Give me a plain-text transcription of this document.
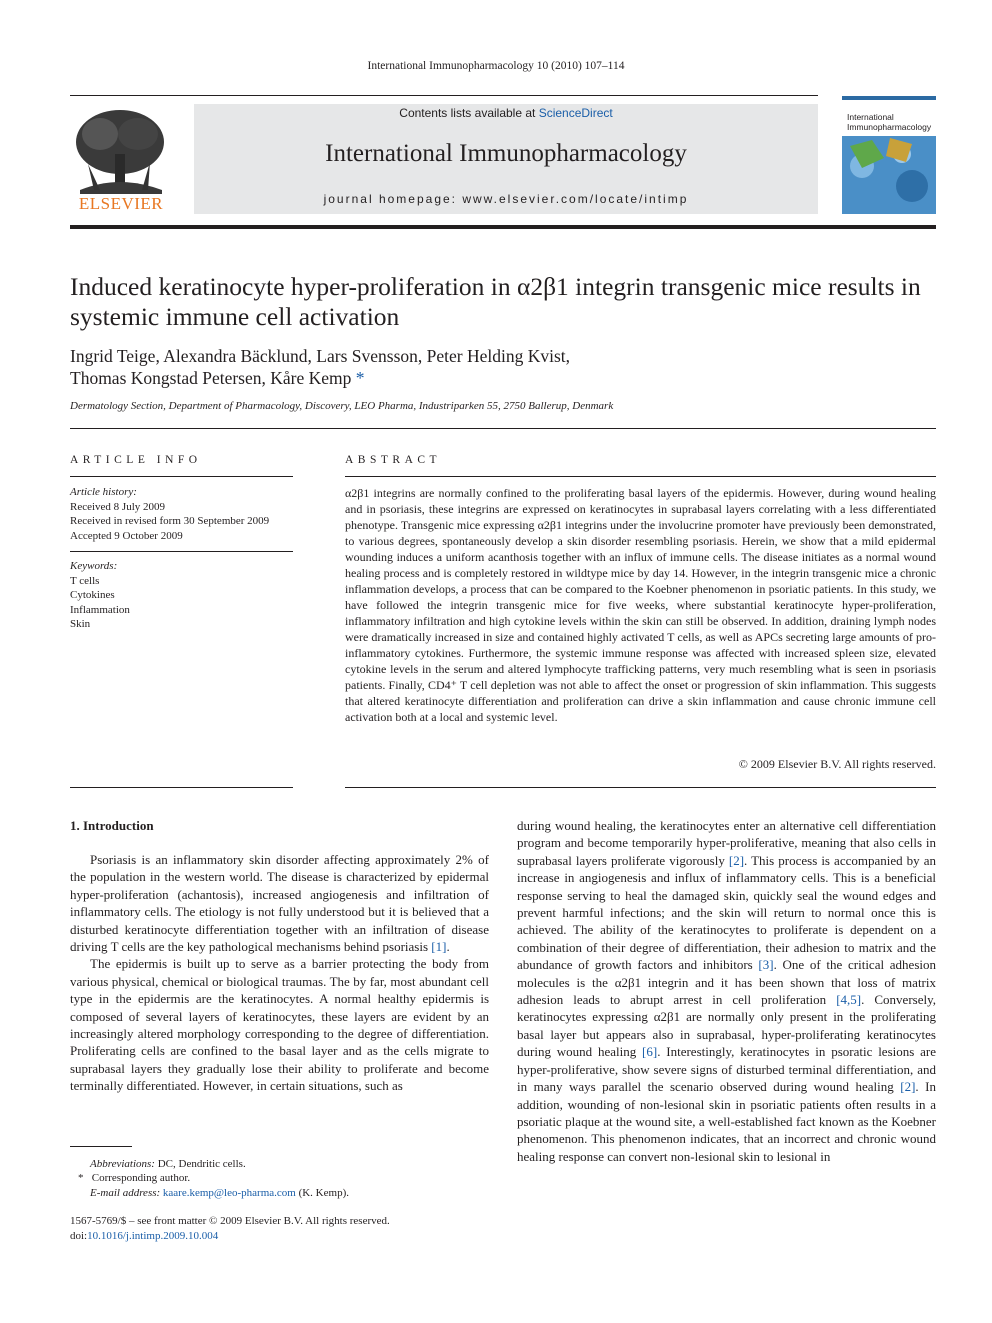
International Immunopharmacology 10 (2010) 107–114
ELSEVIER
Contents lists available at ScienceDirect
International Immunopharmacology
journal homepage: www.elsevier.com/locate/intimp
International
Immunopharmacology
Induced keratinocyte hyper-proliferation in α2β1 integrin transgenic mice results in systemic immune cell activation
Ingrid Teige, Alexandra Bäcklund, Lars Svensson, Peter Helding Kvist,
Thomas Kongstad Petersen, Kåre Kemp *
Dermatology Section, Department of Pharmacology, Discovery, LEO Pharma, Industriparken 55, 2750 Ballerup, Denmark
ARTICLE INFO
Article history:
Received 8 July 2009
Received in revised form 30 September 2009
Accepted 9 October 2009
Keywords:
T cells
Cytokines
Inflammation
Skin
ABSTRACT
α2β1 integrins are normally confined to the proliferating basal layers of the epidermis. However, during wound healing and in psoriasis, these integrins are expressed on keratinocytes in suprabasal layers correlating with a less differentiated phenotype. Transgenic mice expressing α2β1 integrins under the involucrine promoter have previously been demonstrated, to various degrees, spontaneously develop a skin disorder resembling psoriasis. Herein, we show that a mild epidermal wounding induces a uniform acanthosis together with an influx of immune cells. The disease initiates as a normal wound healing process and is completely restored in wildtype mice by day 14. However, in the integrin transgenic mice a chronic inflammation develops, a process that can be compared to the Koebner phenomenon in psoriatic patients. In this study, we have followed the integrin transgenic mice for five weeks, where substantial keratinocyte hyper-proliferation, inflammatory infiltration and high cytokine levels within the skin can still be observed. In addition, draining lymph nodes were dramatically increased in size and contained highly activated T cells, as well as APCs secreting large amounts of pro-inflammatory cytokines. Furthermore, the systemic immune response was affected with increased spleen size, elevated cytokine levels in the serum and altered lymphocyte trafficking patterns, very much resembling what is seen in psoriasis patients. Finally, CD4⁺ T cell depletion was not able to affect the onset or progression of skin inflammation. This suggests that altered keratinocyte differentiation and proliferation can drive a skin inflammation and cause chronic immune cell activation both at a local and systemic level.
© 2009 Elsevier B.V. All rights reserved.
1. Introduction

Psoriasis is an inflammatory skin disorder affecting approximately 2% of the population in the western world. The disease is characterized by epidermal hyper-proliferation (achantosis), increased angiogenesis and infiltration of inflammatory cells. The etiology is not fully understood but it is believed that a disturbed keratinocyte differentiation together with an infiltration of disease driving T cells are the key pathological mechanisms behind psoriasis [1].

The epidermis is built up to serve as a barrier protecting the body from various physical, chemical or biological traumas. The by far, most abundant cell type in the epidermis are the keratinocytes. A normal healthy epidermis is composed of several layers of keratinocytes, these layers are evident by an increasingly altered morphology corresponding to the degree of differentiation. Proliferating cells are confined to the basal layer and as the cells migrate to suprabasal layers they gradually lose their ability to proliferate and become terminally differentiated. However, in certain situations, such as

during wound healing, the keratinocytes enter an alternative cell differentiation program and become temporarily hyper-proliferative, meaning that also cells in suprabasal layers proliferate vigorously [2]. This process is accompanied by an increase in angiogenesis and influx of inflammatory cells. This is a beneficial response serving to heal the damaged skin, quickly seal the wound edges and prevent harmful infections; and the skin will return to normal once this is achieved. The ability of the keratinocytes to proliferate is dependent on a combination of their degree of differentiation, their adhesion to matrix and the abundance of growth factors and inhibitors [3]. One of the critical adhesion molecules is the α2β1 integrin and it has been shown that loss of matrix adhesion leads to abrupt arrest in cell proliferation [4,5]. Conversely, keratinocytes expressing α2β1 are normally only present in the proliferating basal layer but appears also in suprabasal, hyper-proliferating keratinocytes during wound healing [6]. Interestingly, keratinocytes in psoratic lesions are hyper-proliferative, show severe signs of disturbed terminal differentiation, and in many ways parallel the scenario observed during wound healing [2]. In addition, wounding of non-lesional skin in psoriatic patients often results in a psoriatic plaque at the wound site, a well-established fact known as the Koebner phenomenon. This phenomenon indicates, that an incorrect and chronic wound healing response can convert non-lesional skin to lesional in

Abbreviations: DC, Dendritic cells.
* Corresponding author.
E-mail address: kaare.kemp@leo-pharma.com (K. Kemp).
1567-5769/$ – see front matter © 2009 Elsevier B.V. All rights reserved.
doi:10.1016/j.intimp.2009.10.004
